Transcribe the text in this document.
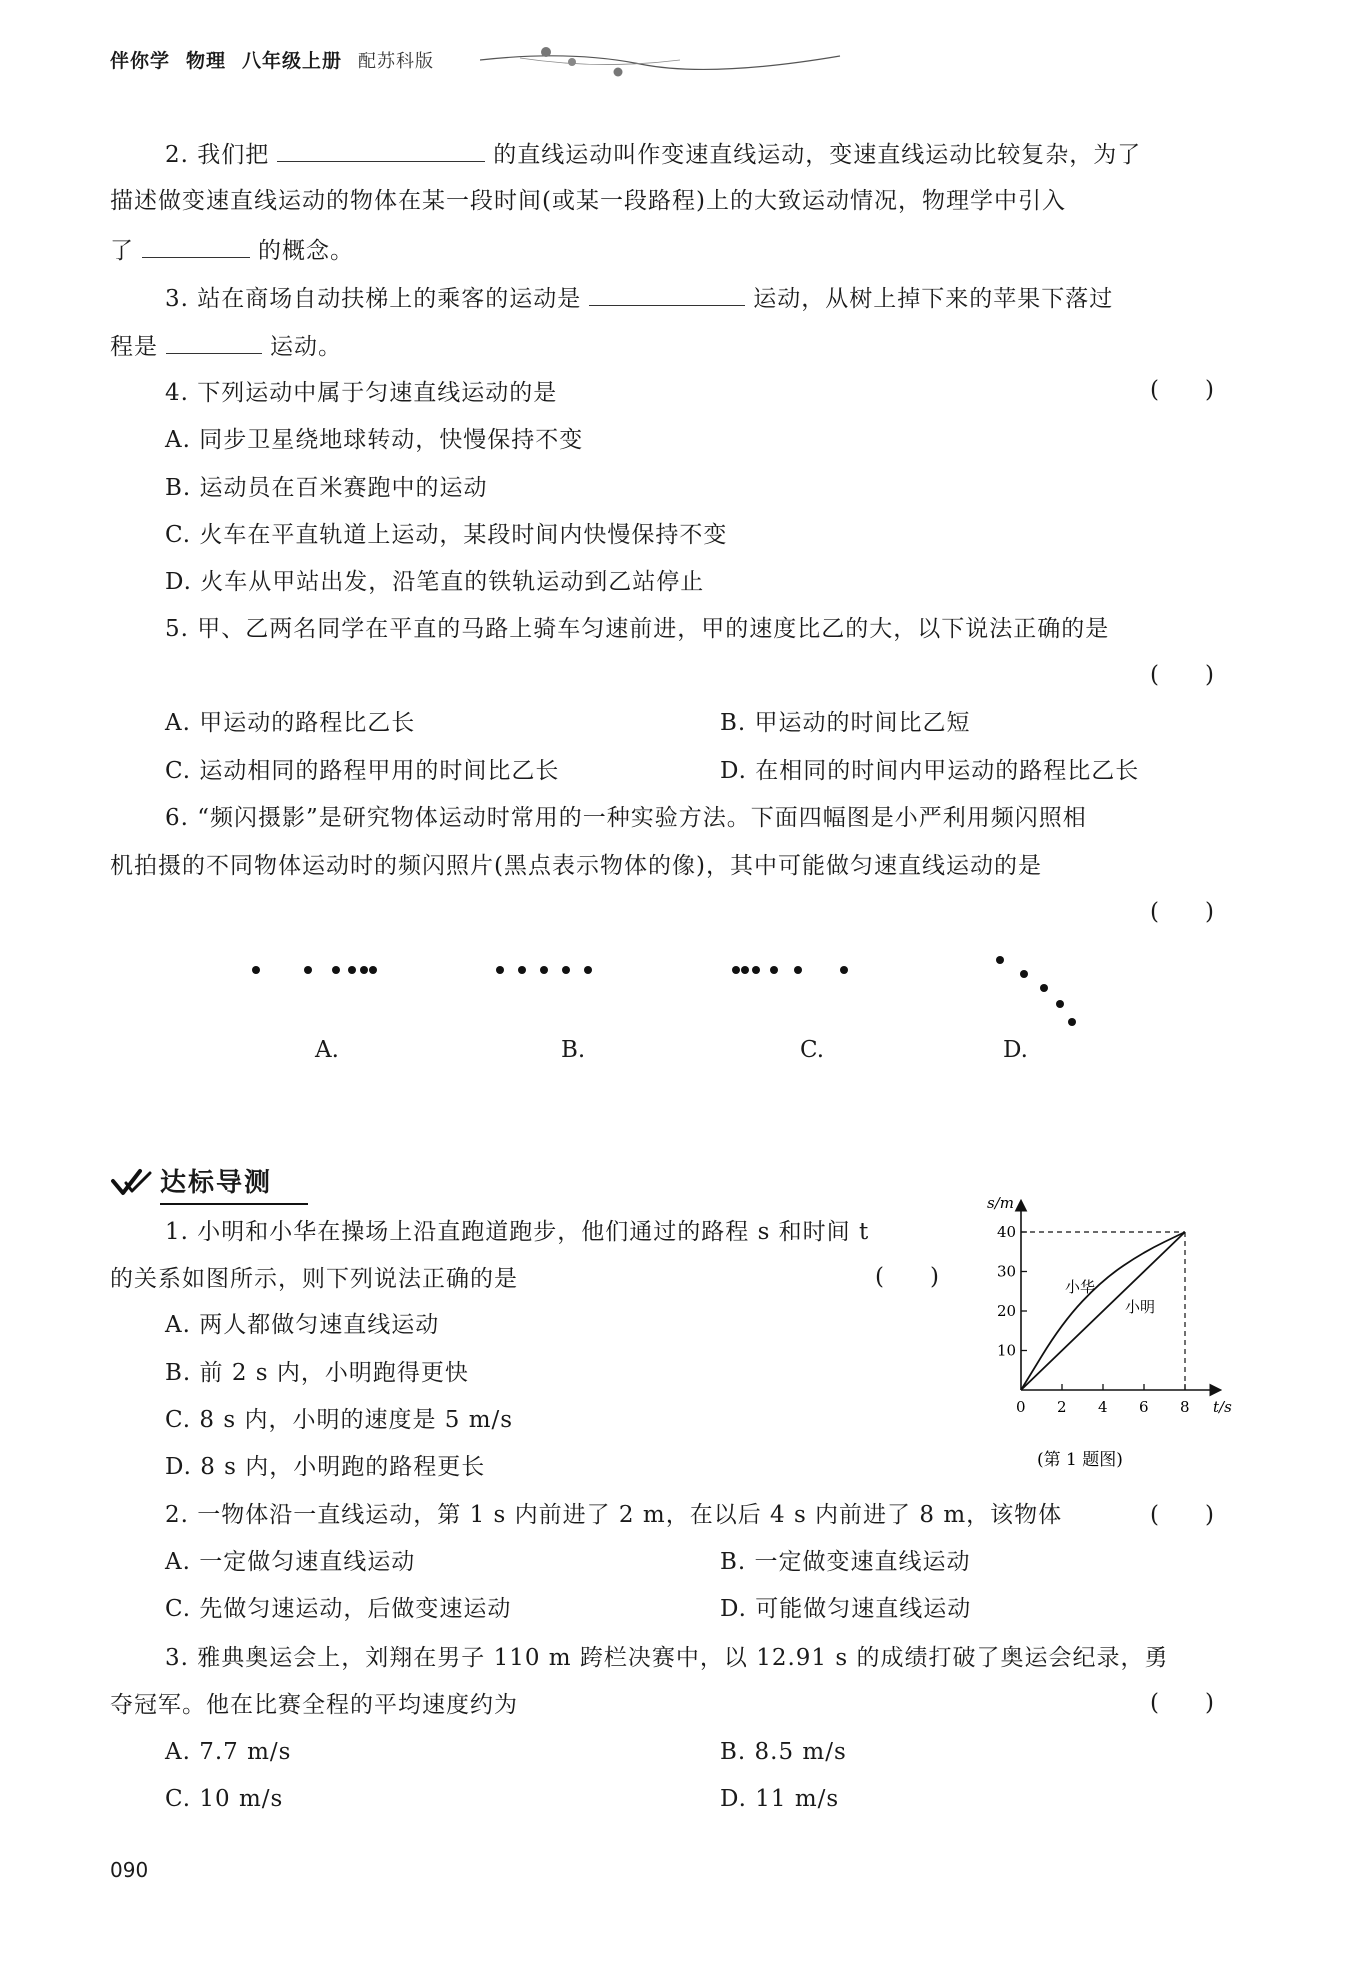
伴你学 物理 八年级上册 配苏科版
2. 我们把	的直线运动叫作变速直线运动，变速直线运动比较复杂，为了
描述做变速直线运动的物体在某一段时间(或某一段路程)上的大致运动情况，物理学中引入
了	的概念。
3. 站在商场自动扶梯上的乘客的运动是	运动，从树上掉下来的苹果下落过
程是	运动。
4. 下列运动中属于匀速直线运动的是	(　　)
A. 同步卫星绕地球转动，快慢保持不变
B. 运动员在百米赛跑中的运动
C. 火车在平直轨道上运动，某段时间内快慢保持不变
D. 火车从甲站出发，沿笔直的铁轨运动到乙站停止
5. 甲、乙两名同学在平直的马路上骑车匀速前进，甲的速度比乙的大，以下说法正确的是
(　　)
A. 甲运动的路程比乙长	B. 甲运动的时间比乙短
C. 运动相同的路程甲用的时间比乙长	D. 在相同的时间内甲运动的路程比乙长
6. “频闪摄影”是研究物体运动时常用的一种实验方法。下面四幅图是小严利用频闪照相
机拍摄的不同物体运动时的频闪照片(黑点表示物体的像)，其中可能做匀速直线运动的是
(　　)
A.	B.	C.	D.
达标导测
1. 小明和小华在操场上沿直跑道跑步，他们通过的路程 s 和时间 t
的关系如图所示，则下列说法正确的是	(　　)
A. 两人都做匀速直线运动
B. 前 2 s 内，小明跑得更快
C. 8 s 内，小明的速度是 5 m/s
D. 8 s 内，小明跑的路程更长
0 2 4 6 8
10
20
30
40
s/m
t/s
小华
小明
(第 1 题图)
2. 一物体沿一直线运动，第 1 s 内前进了 2 m，在以后 4 s 内前进了 8 m，该物体	(　　)
A. 一定做匀速直线运动	B. 一定做变速直线运动
C. 先做匀速运动，后做变速运动	D. 可能做匀速直线运动
3. 雅典奥运会上，刘翔在男子 110 m 跨栏决赛中，以 12.91 s 的成绩打破了奥运会纪录，勇
夺冠军。他在比赛全程的平均速度约为	(　　)
A. 7.7 m/s	B. 8.5 m/s
C. 10 m/s	D. 11 m/s
090
